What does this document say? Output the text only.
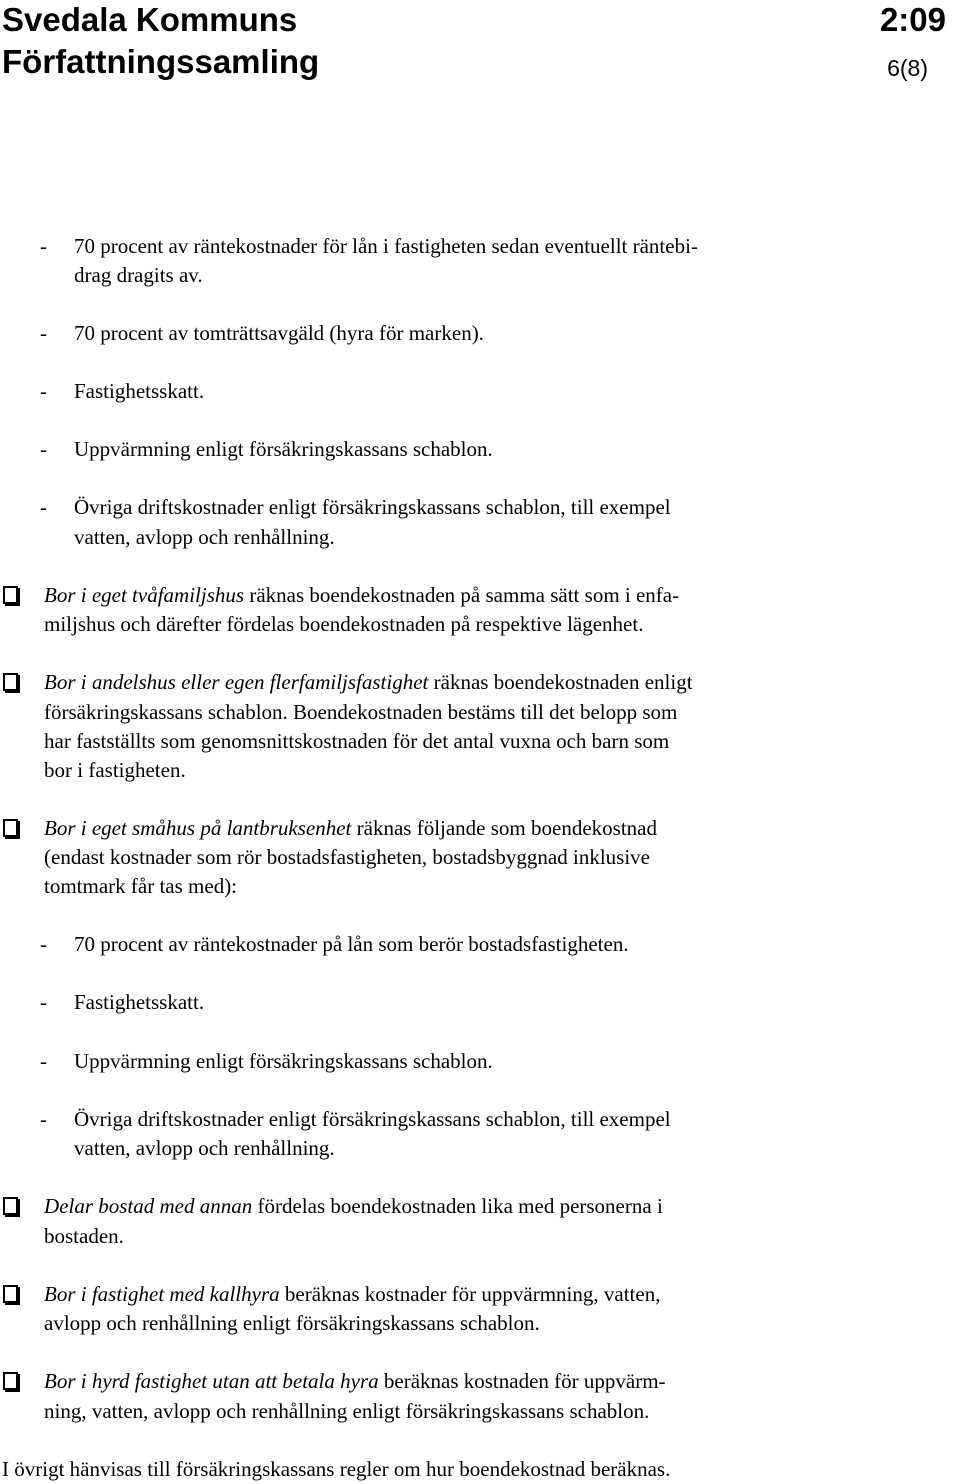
Svedala Kommuns
Författningssamling
2:09
6(8)
- 70 procent av räntekostnader för lån i fastigheten sedan eventuellt räntebi-
drag dragits av.
- 70 procent av tomträttsavgäld (hyra för marken).
- Fastighetsskatt.
- Uppvärmning enligt försäkringskassans schablon.
- Övriga driftskostnader enligt försäkringskassans schablon, till exempel
vatten, avlopp och renhållning.
Bor i eget tvåfamiljshus räknas boendekostnaden på samma sätt som i enfa-
miljshus och därefter fördelas boendekostnaden på respektive lägenhet.
Bor i andelshus eller egen flerfamiljsfastighet räknas boendekostnaden enligt
försäkringskassans schablon. Boendekostnaden bestäms till det belopp som
har fastställts som genomsnittskostnaden för det antal vuxna och barn som
bor i fastigheten.
Bor i eget småhus på lantbruksenhet räknas följande som boendekostnad
(endast kostnader som rör bostadsfastigheten, bostadsbyggnad inklusive
tomtmark får tas med):
- 70 procent av räntekostnader på lån som berör bostadsfastigheten.
- Fastighetsskatt.
- Uppvärmning enligt försäkringskassans schablon.
- Övriga driftskostnader enligt försäkringskassans schablon, till exempel
vatten, avlopp och renhållning.
Delar bostad med annan fördelas boendekostnaden lika med personerna i
bostaden.
Bor i fastighet med kallhyra beräknas kostnader för uppvärmning, vatten,
avlopp och renhållning enligt försäkringskassans schablon.
Bor i hyrd fastighet utan att betala hyra beräknas kostnaden för uppvärm-
ning, vatten, avlopp och renhållning enligt försäkringskassans schablon.
I övrigt hänvisas till försäkringskassans regler om hur boendekostnad beräknas.
